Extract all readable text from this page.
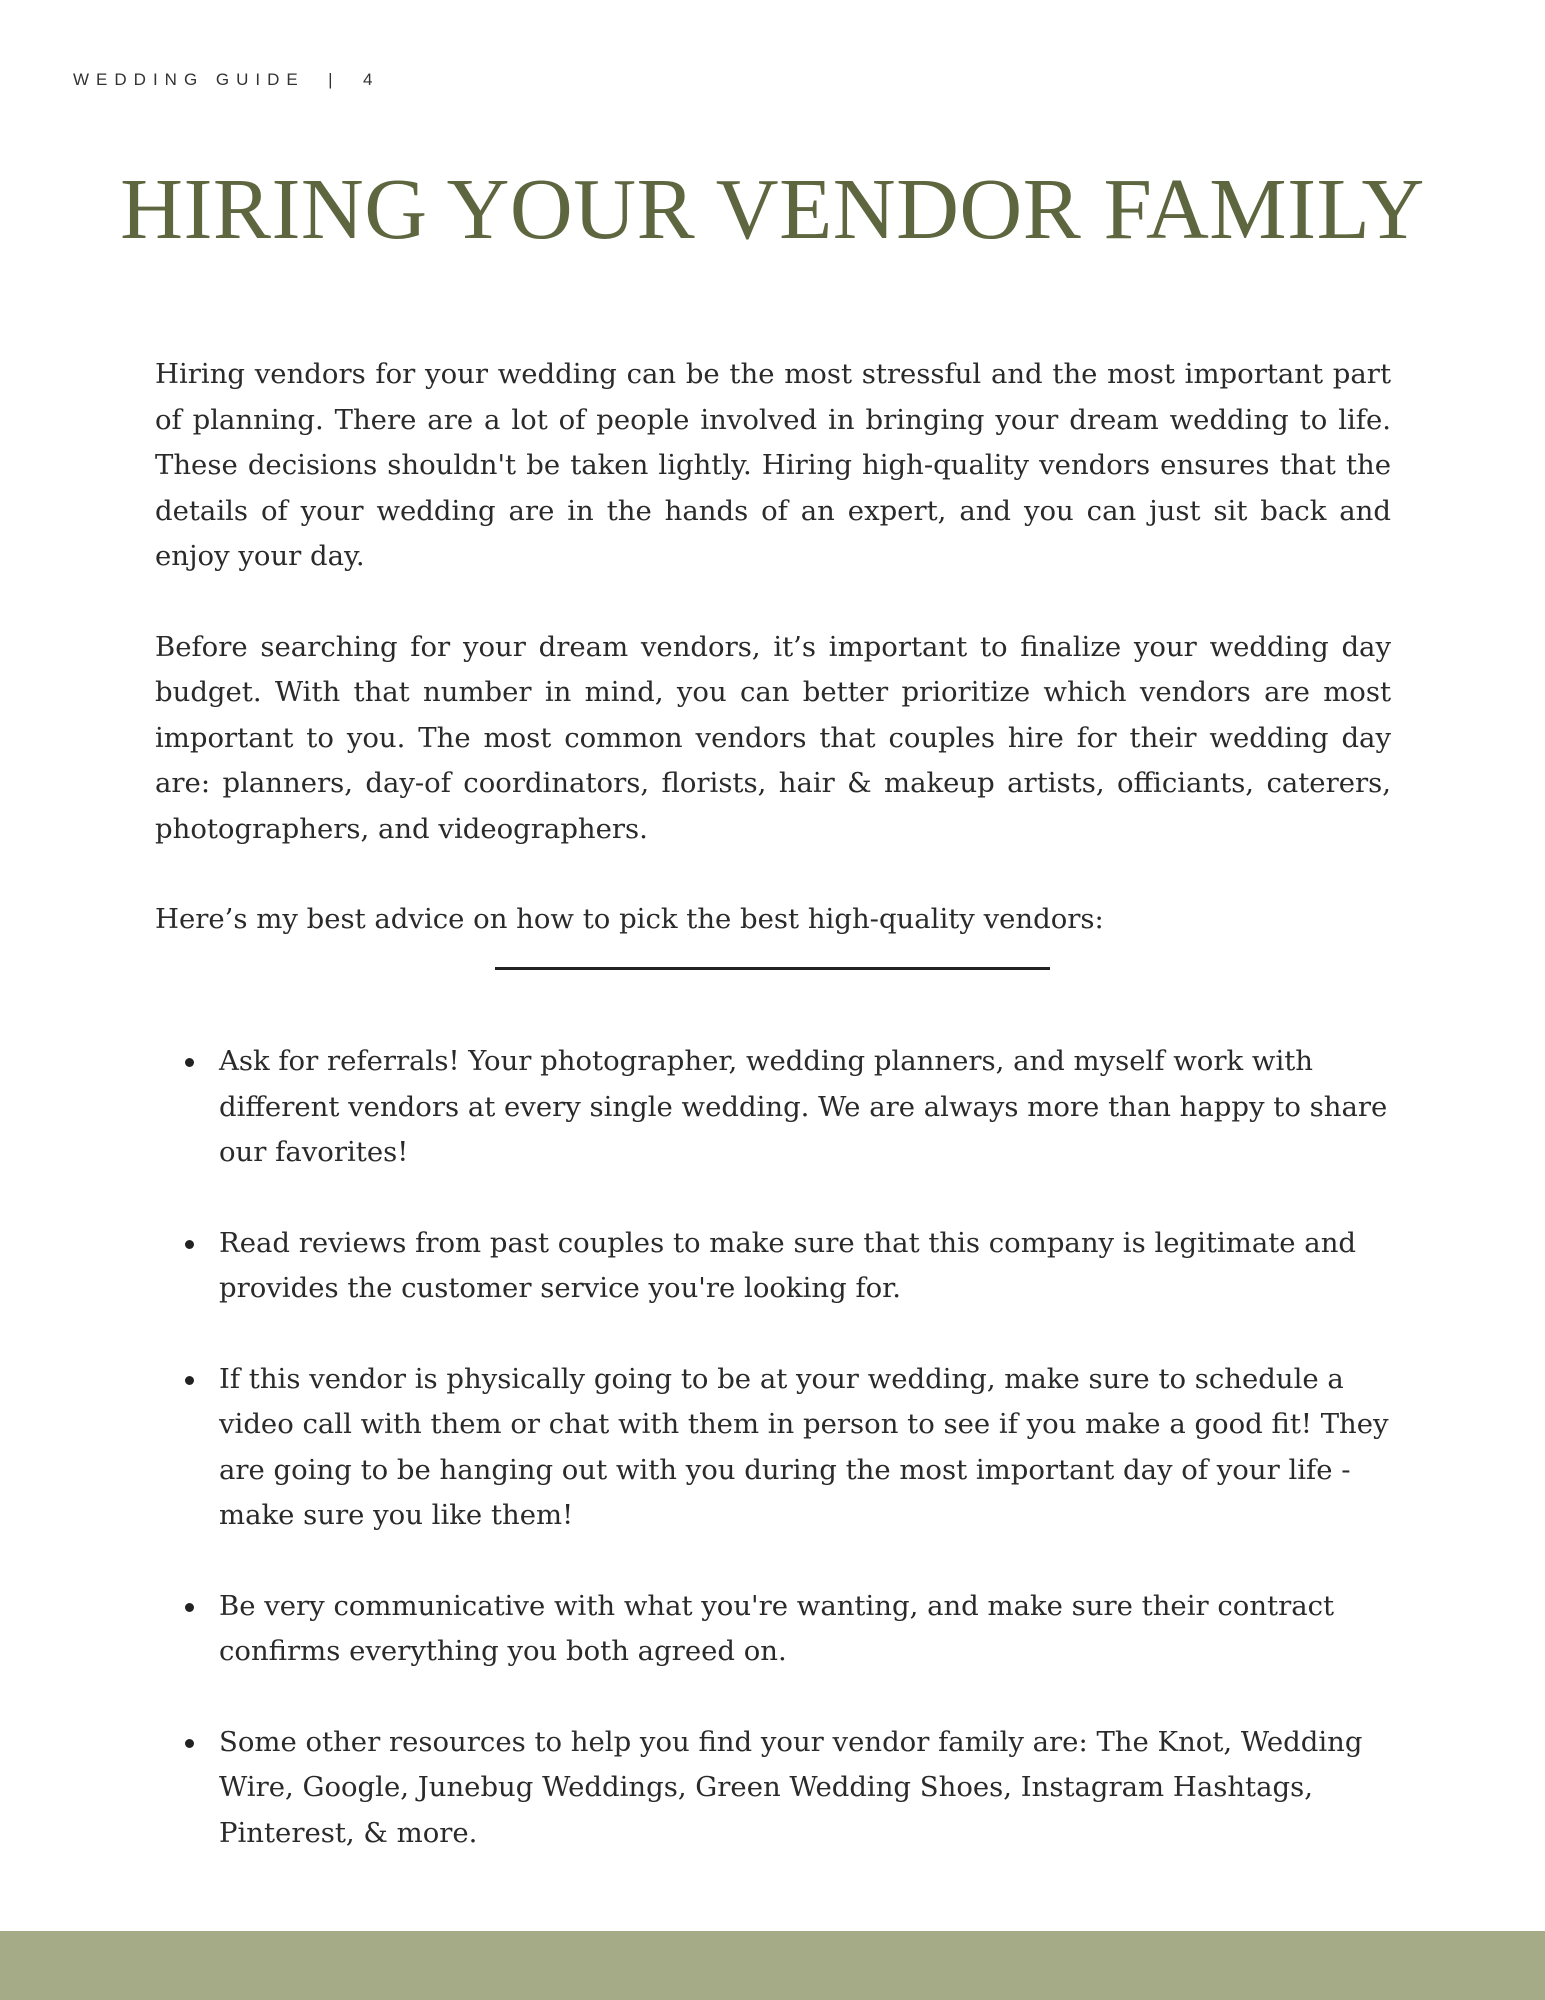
WEDDING GUIDE  |  4
HIRING YOUR VENDOR FAMILY

Hiring vendors for your wedding can be the most stressful and the most important part of planning. There are a lot of people involved in bringing your dream wedding to life. These decisions shouldn't be taken lightly. Hiring high-quality vendors ensures that the details of your wedding are in the hands of an expert, and you can just sit back and enjoy your day.

Before searching for your dream vendors, it’s important to finalize your wedding day budget. With that number in mind, you can better prioritize which vendors are most important to you. The most common vendors that couples hire for their wedding day are: planners, day-of coordinators, florists, hair & makeup artists, officiants, caterers, photographers, and videographers.

Here’s my best advice on how to pick the best high-quality vendors:

Ask for referrals! Your photographer, wedding planners, and myself work with different vendors at every single wedding. We are always more than happy to share our favorites!
Read reviews from past couples to make sure that this company is legitimate and provides the customer service you're looking for.
If this vendor is physically going to be at your wedding, make sure to schedule a video call with them or chat with them in person to see if you make a good fit! They are going to be hanging out with you during the most important day of your life - make sure you like them!
Be very communicative with what you're wanting, and make sure their contract confirms everything you both agreed on.
Some other resources to help you find your vendor family are: The Knot, Wedding Wire, Google, Junebug Weddings, Green Wedding Shoes, Instagram Hashtags, Pinterest, & more.
